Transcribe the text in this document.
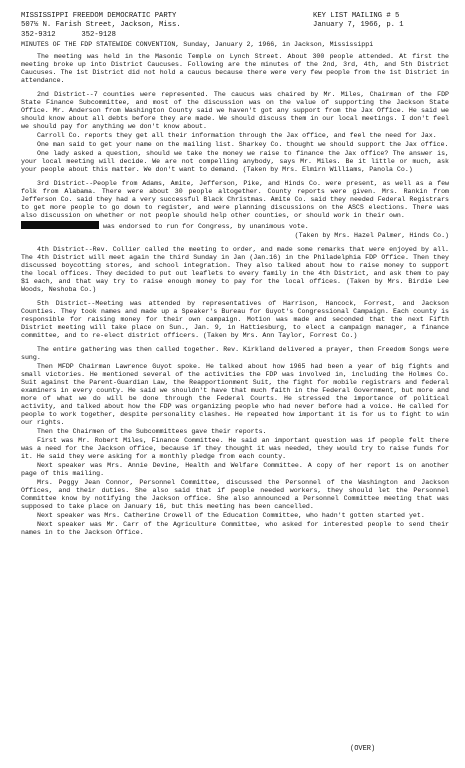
MISSISSIPPI FREEDOM DEMOCRATIC PARTY
507½ N. Farish Street, Jackson, Miss.
352-9312      352-9128
KEY LIST MAILING # 5
January 7, 1966, p. 1
MINUTES OF THE FDP STATEWIDE CONVENTION, Sunday, January 2, 1966, in Jackson, Mississippi

The meeting was held in the Masonic Temple on Lynch Street. About 300 people attended. At first the meeting broke up into District Caucuses. Following are the minutes of the 2nd, 3rd, 4th, and 5th District Caucuses. The 1st District did not hold a caucus because there were very few people from the 1st District in attendance.

2nd District--7 counties were represented. The caucus was chaired by Mr. Miles, Chairman of the FDP State Finance Subcommittee, and most of the discussion was on the value of supporting the Jackson State Office. Mr. Anderson from Washington County said we haven't got any support from the Jax Office. He said we should know about all debts before they are made. We should discuss them in our local meetings. I don't feel we should pay for anything we don't know about.

Carroll Co. reports they get all their information through the Jax office, and feel the need for Jax.

One man said to get your name on the mailing list. Sharkey Co. thought we should support the Jax office.

One lady asked a question, should we take the money we raise to finance the Jax office? The answer is, your local meeting will decide. We are not compelling anybody, says Mr. Miles. Be it little or much, ask your people about this matter. We don't want to demand. (Taken by Mrs. Elmirn Williams, Panola Co.)

3rd District--People from Adams, Amite, Jefferson, Pike, and Hinds Co. were present, as well as a few folk from Alabama. There were about 30 people altogether. County reports were given. Mrs. Rankin from Jefferson Co. said they had a very successful Black Christmas. Amite Co. said they needed Federal Registrars to get more people to go down to register, and were planning discussions on the ASCS elections. There was also discussion on whether or not people should help other counties, or should work in their own.

was endorsed to run for Congress, by unanimous vote.

(Taken by Mrs. Hazel Palmer, Hinds Co.)

4th District--Rev. Collier called the meeting to order, and made some remarks that were enjoyed by all. The 4th District will meet again the third Sunday in Jan (Jan.16) in the Philadelphia FDP Office. Then they discussed boycotting stores, and school integration. They also talked about how to raise money to support the local offices. They decided to put out leaflets to every family in the 4th District, and ask them to pay $1 each, and that way try to raise enough money to pay for the local offices. (Taken by Mrs. Birdie Lee Woods, Neshoba Co.)

5th District--Meeting was attended by representatives of Harrison, Hancock, Forrest, and Jackson Counties. They took names and made up a Speaker's Bureau for Guyot's Congressional Campaign. Each county is responsible for raising money for their own campaign. Motion was made and seconded that the next Fifth District meeting will take place on Sun., Jan. 9, in Hattiesburg, to elect a campaign manager, a finance committee, and to re-elect district officers. (Taken by Mrs. Ann Taylor, Forrest Co.)

The entire gathering was then called together. Rev. Kirkland delivered a prayer, then Freedom Songs were sung.

Then MFDP Chairman Lawrence Guyot spoke. He talked about how 1965 had been a year of big fights and small victories. He mentioned several of the activities the FDP was involved in, including the Holmes Co. Suit against the Parent-Guardian Law, the Reapportionment Suit, the fight for mobile registrars and federal examiners in every county. He said we shouldn't have that much faith in the Federal Government, but more and more of what we do will be done through the Federal Courts. He stressed the importance of political activity, and talked about how the FDP was organizing people who had never before had a voice. He called for people to work together, despite personality clashes. He repeated how important it is for us to fight to win our rights.

Then the Chairmen of the Subcommittees gave their reports.

First was Mr. Robert Miles, Finance Committee. He said an important question was if people felt there was a need for the Jackson office, because if they thought it was needed, they would try to raise funds for it. He said they were asking for a monthly pledge from each county.

Next speaker was Mrs. Annie Devine, Health and Welfare Committee. A copy of her report is on another page of this mailing.

Mrs. Peggy Jean Connor, Personnel Committee, discussed the Personnel of the Washington and Jackson Offices, and their duties. She also said that if people needed workers, they should let the Personnel Committee know by notifying the Jackson office. She also announced a Personnel Committee meeting that was supposed to take place on January 16, but this meeting has been cancelled.

Next speaker was Mrs. Catherine Crowell of the Education Committee, who hadn't gotten started yet.

Next speaker was Mr. Carr of the Agriculture Committee, who asked for interested people to send their names in to the Jackson Office.

(OVER)
